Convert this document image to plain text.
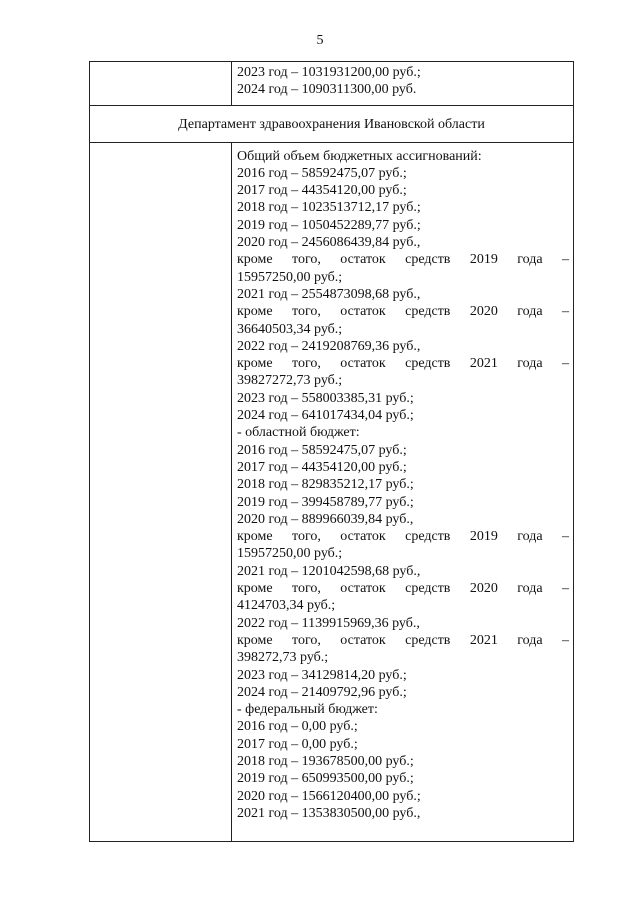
5
2023 год – 1031931200,00 руб.;
2024 год – 1090311300,00 руб.
Департамент здравоохранения Ивановской области
Общий объем бюджетных ассигнований:
2016 год – 58592475,07 руб.;
2017 год – 44354120,00 руб.;
2018 год – 1023513712,17 руб.;
2019 год – 1050452289,77 руб.;
2020 год – 2456086439,84 руб.,
кроме того, остаток средств 2019 года –
15957250,00 руб.;
2021 год – 2554873098,68 руб.,
кроме того, остаток средств 2020 года –
36640503,34 руб.;
2022 год – 2419208769,36 руб.,
кроме того, остаток средств 2021 года –
39827272,73 руб.;
2023 год – 558003385,31 руб.;
2024 год – 641017434,04 руб.;
- областной бюджет:
2016 год – 58592475,07 руб.;
2017 год – 44354120,00 руб.;
2018 год – 829835212,17 руб.;
2019 год – 399458789,77 руб.;
2020 год – 889966039,84 руб.,
кроме того, остаток средств 2019 года –
15957250,00 руб.;
2021 год – 1201042598,68 руб.,
кроме того, остаток средств 2020 года –
4124703,34 руб.;
2022 год – 1139915969,36 руб.,
кроме того, остаток средств 2021 года –
398272,73 руб.;
2023 год – 34129814,20 руб.;
2024 год – 21409792,96 руб.;
- федеральный бюджет:
2016 год – 0,00 руб.;
2017 год – 0,00 руб.;
2018 год – 193678500,00 руб.;
2019 год – 650993500,00 руб.;
2020 год – 1566120400,00 руб.;
2021 год – 1353830500,00 руб.,
